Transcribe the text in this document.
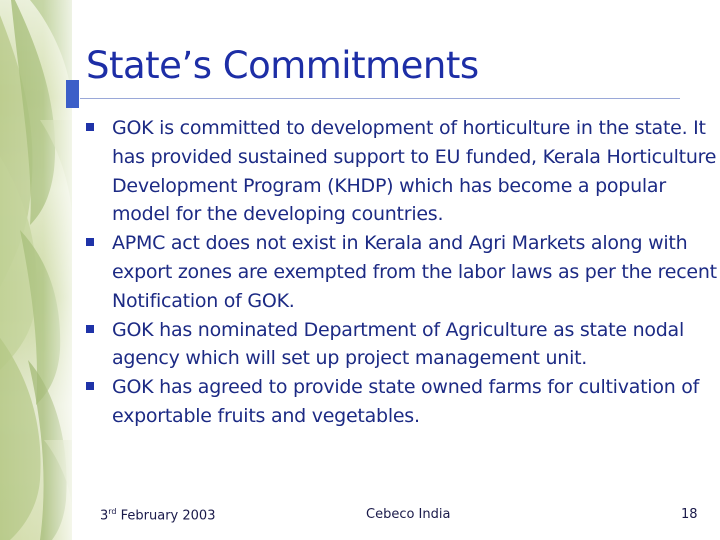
State’s Commitments
GOK is committed to development of horticulture in the state. It has provided sustained support to EU funded, Kerala Horticulture Development Program (KHDP) which has become a popular model for the developing countries.
APMC act does not exist in Kerala and Agri Markets along with export zones are exempted from the labor laws as per the recent Notification of GOK.
GOK has nominated Department of Agriculture as state nodal agency which will set up project management unit.
GOK has agreed to provide state owned farms for cultivation of exportable fruits and vegetables.
3rd February 2003	Cebeco India	18
